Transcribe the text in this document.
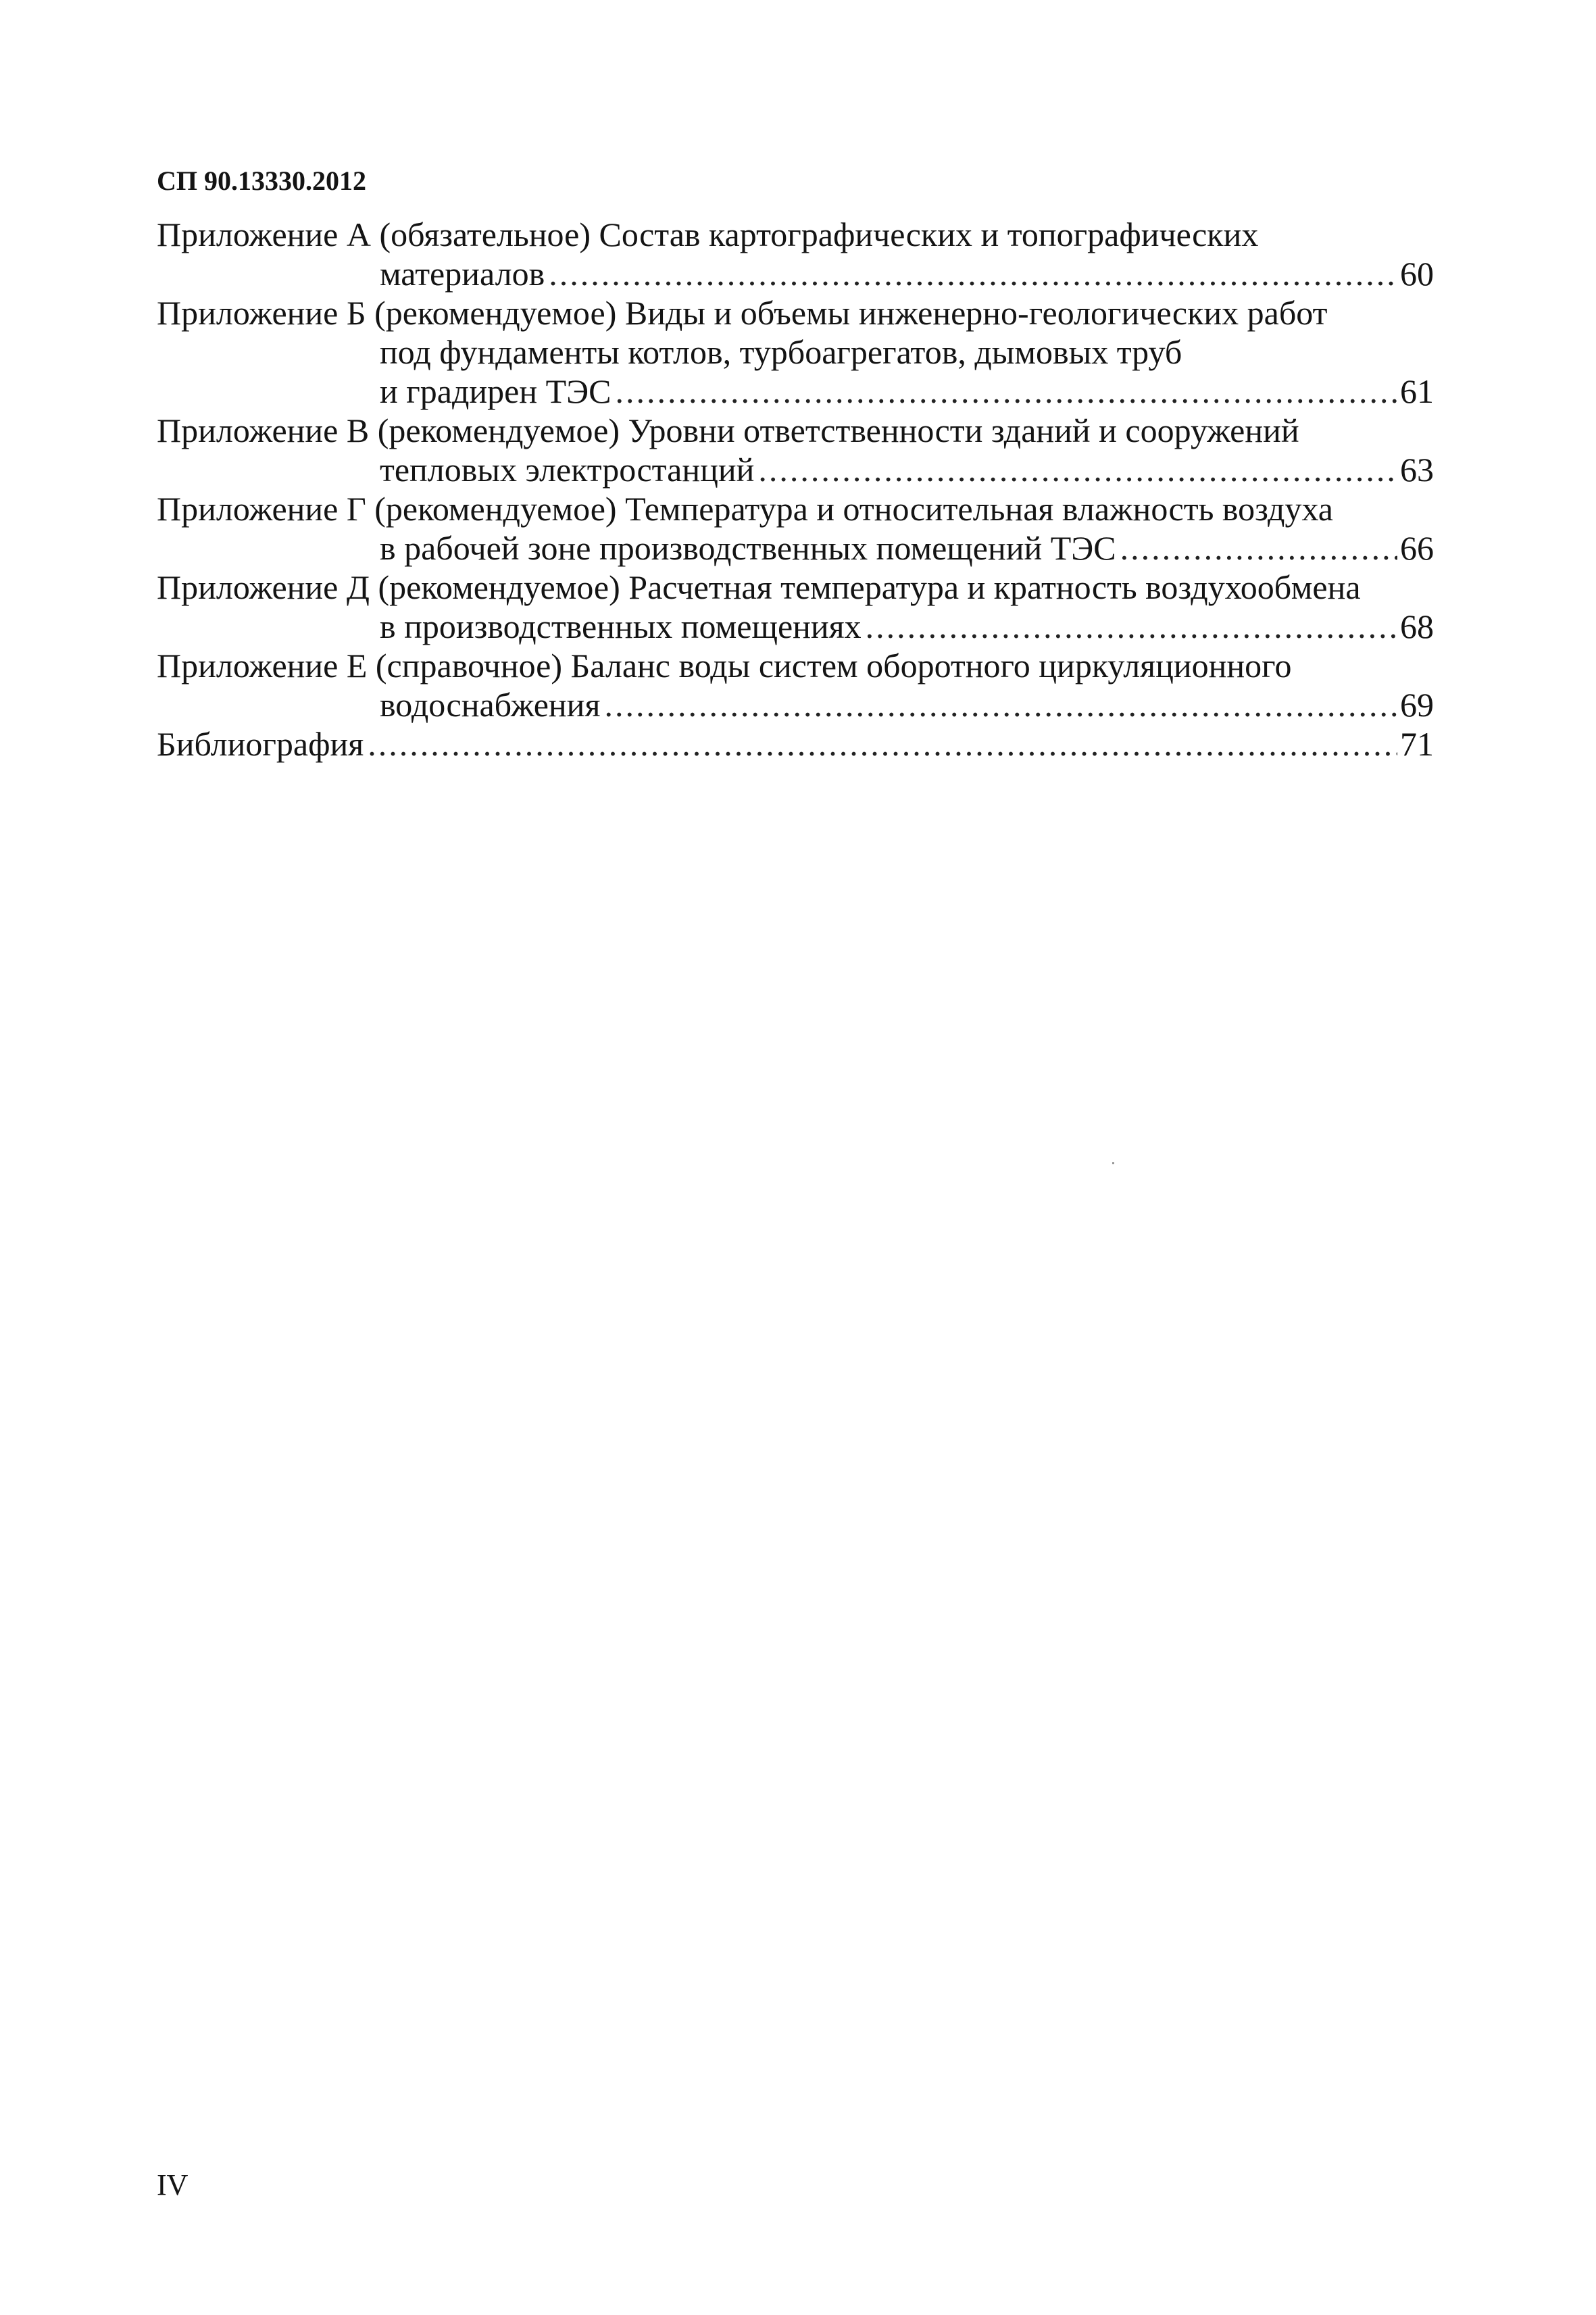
СП 90.13330.2012
Приложение А (обязательное) Состав картографических и топографических
материалов .....	60
Приложение Б (рекомендуемое) Виды и объемы инженерно-геологических работ
под фундаменты котлов, турбоагрегатов, дымовых труб
и градирен ТЭС .....	61
Приложение В (рекомендуемое) Уровни ответственности зданий и сооружений
тепловых электростанций .....	63
Приложение Г (рекомендуемое) Температура и относительная влажность воздуха
в рабочей зоне производственных помещений ТЭС .....	66
Приложение Д (рекомендуемое) Расчетная температура и кратность воздухообмена
в производственных помещениях .....	68
Приложение Е (справочное) Баланс воды систем оборотного циркуляционного
водоснабжения .....	69
Библиография .....	71
IV
